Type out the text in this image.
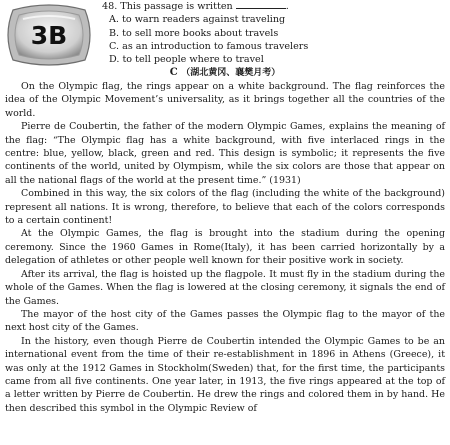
3B
48. This passage is written	.
A. to warn readers against traveling
B. to sell more books about travels
C. as an introduction to famous travelers
D. to tell people where to travel
C （湖北黄冈、襄樊月考）

On the Olympic flag, the rings appear on a white background. The flag reinforces the idea of the Olympic Movement’s universality, as it brings together all the countries of the world.

Pierre de Coubertin, the father of the modern Olympic Games, explains the meaning of the flag: “The Olympic flag has a white background, with five interlaced rings in the centre: blue, yellow, black, green and red. This design is symbolic; it represents the five continents of the world, united by Olympism, while the six colors are those that appear on all the national flags of the world at the present time.” (1931)

Combined in this way, the six colors of the flag (including the white of the background) represent all nations. It is wrong, therefore, to believe that each of the colors corresponds to a certain continent!

At the Olympic Games, the flag is brought into the stadium during the opening ceremony. Since the 1960 Games in Rome(Italy), it has been carried horizontally by a delegation of athletes or other people well known for their positive work in society.

After its arrival, the flag is hoisted up the flagpole. It must fly in the stadium during the whole of the Games. When the flag is lowered at the closing ceremony, it signals the end of the Games.

The mayor of the host city of the Games passes the Olympic flag to the mayor of the next host city of the Games.

In the history, even though Pierre de Coubertin intended the Olympic Games to be an international event from the time of their re-establishment in 1896 in Athens (Greece), it was only at the 1912 Games in Stockholm(Sweden) that, for the first time, the participants came from all five continents. One year later, in 1913, the five rings appeared at the top of a letter written by Pierre de Coubertin. He drew the rings and colored them in by hand. He then described this symbol in the Olympic Review of
